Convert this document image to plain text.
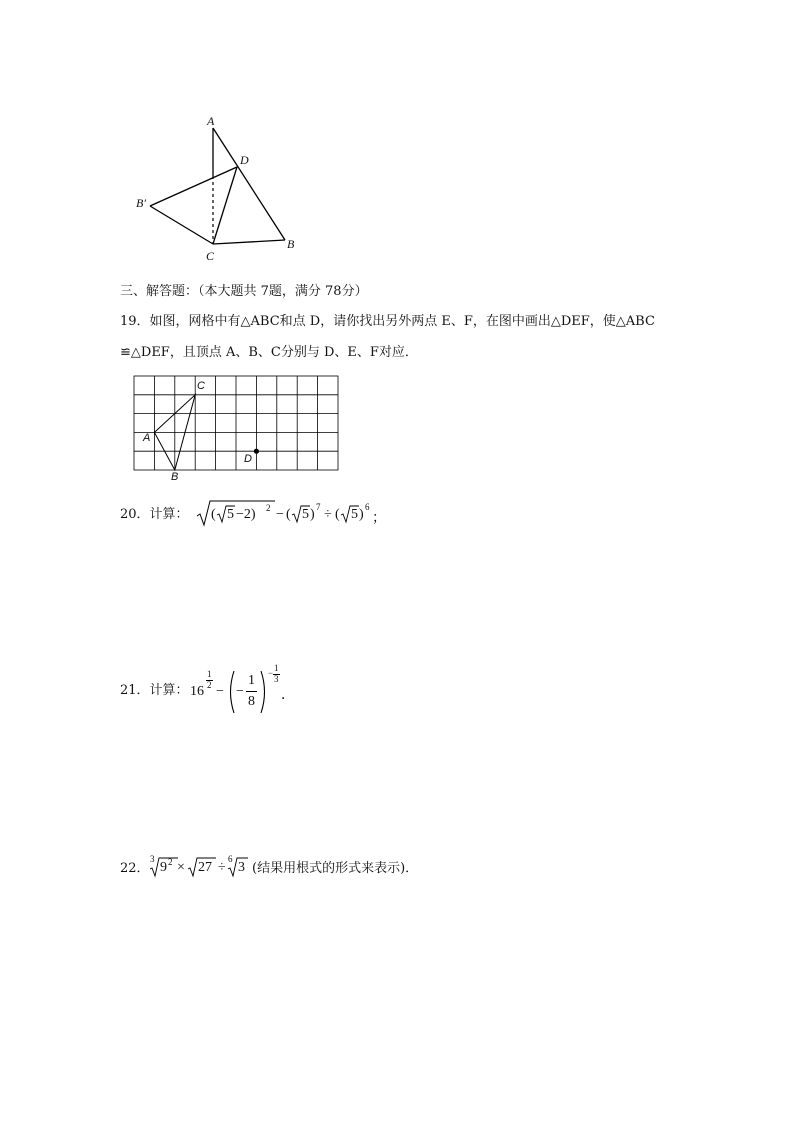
A
D
B′
C
B
三、解答题：（本大题共 7题，满分 78分）
19．如图，网格中有△ABC和点 D，请你找出另外两点 E、F，在图中画出△DEF，使△ABC
≌△DEF，且顶点 A、B、C分别与 D、E、F对应．
C
A
B
D
20．计算： ( 5 −2) 2 − ( 5 ) 7 ÷ ( 5 ) 6
；
21．计算： 16
1
2 − −
1
8
− 1
3
．
22．
3
9 2 × 27 ÷
6
3 (结果用根式的形式来表示)．
